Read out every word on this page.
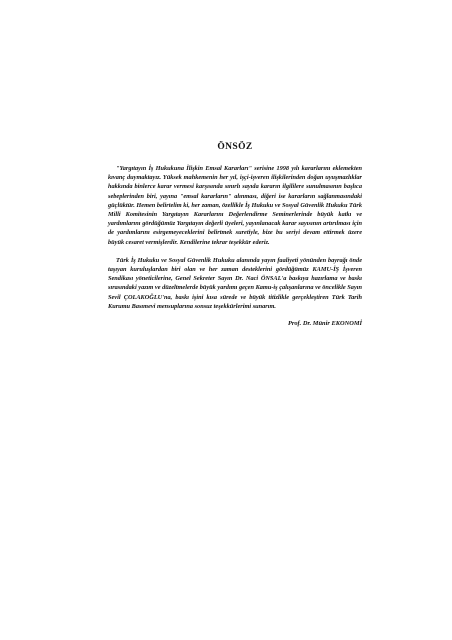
ÖNSÖZ

"Yargıtayın İş Hukukuna İlişkin Emsal Kararları" serisine 1998 yılı kararlarını eklemekten kıvanç duymaktayız. Yüksek mahkemenin her yıl, işçi-işveren ilişkilerinden doğan uyuşmazlıklar hakkında binlerce karar vermesi karşısında sınırlı sayıda kararın ilgililere sunulmasının başlıca sebeplerinden biri, yayına "emsal kararların" alınması, diğeri ise kararların sağlanmasındaki güçlüktür. Hemen belirtelim ki, her zaman, özellikle İş Hukuku ve Sosyal Güvenlik Hukuku Türk Milli Komitesinin Yargıtayın Kararlarını Değerlendirme Seminerlerinde büyük katkı ve yardımlarını gördüğümüz Yargıtayın değerli üyeleri, yayınlanacak karar sayısının artırılması için de yardımlarını esirgemeyeceklerini belirtmek suretiyle, bize bu seriyi devam ettirmek üzere büyük cesaret vermişlerdir. Kendilerine tekrar teşekkür ederiz.

Türk İş Hukuku ve Sosyal Güvenlik Hukuku alanında yayın faaliyeti yönünden bayrağı önde taşıyan kuruluşlardan biri olan ve her zaman desteklerini gördüğümüz KAMU-İŞ İşveren Sendikası yöneticilerine, Genel Sekreter Sayın Dr. Naci ÖNSAL'a baskıya hazırlama ve baskı sırasındaki yazım ve düzeltmelerde büyük yardımı geçen Kamu-iş çalışanlarına ve öncelikle Sayın Sevil ÇOLAKOĞLU'na, baskı işini kısa sürede ve büyük titizlikle gerçekleştiren Türk Tarih Kurumu Basımevi mensuplarına sonsuz teşekkürlerimi sunarım.

Prof. Dr. Münir EKONOMİ
